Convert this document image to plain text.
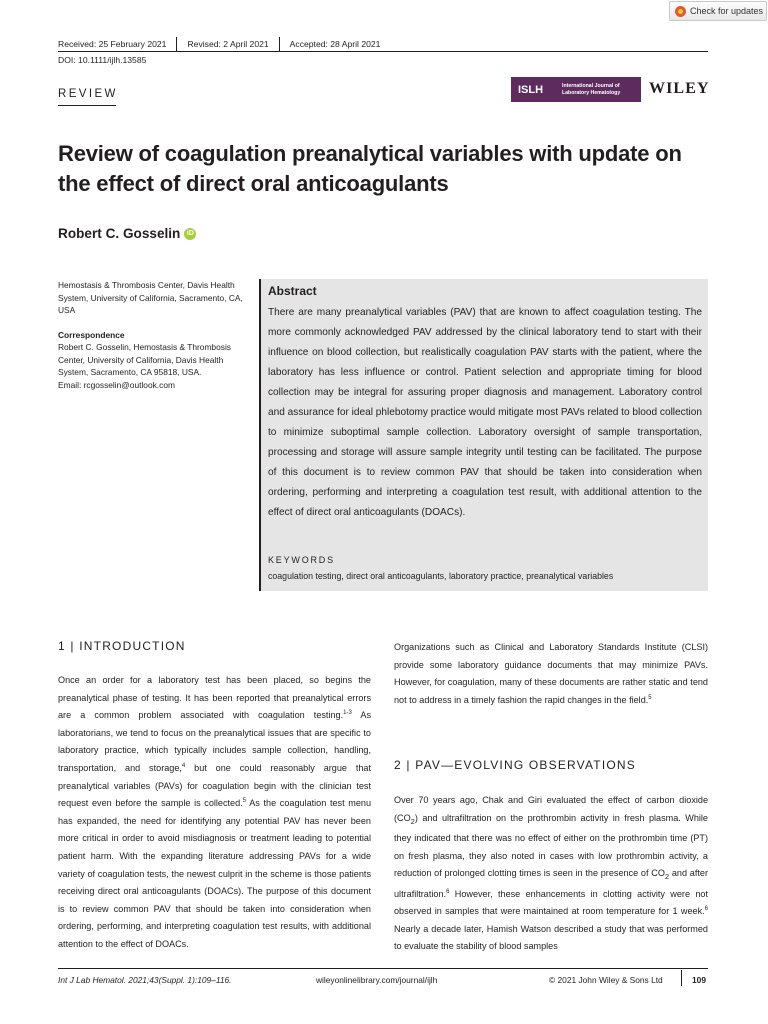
Check for updates
Received: 25 February 2021	Revised: 2 April 2021	Accepted: 28 April 2021
DOI: 10.1111/ijlh.13585
REVIEW	ISLH	International Journal of
Laboratory Hematology WILEY
Review of coagulation preanalytical variables with update on the effect of direct oral anticoagulants
Robert C. Gosselin iD

Hemostasis & Thrombosis Center, Davis Health System, University of California, Sacramento, CA, USA

Correspondence
Robert C. Gosselin, Hemostasis & Thrombosis Center, University of California, Davis Health System, Sacramento, CA 95818, USA.
Email: rcgosselin@outlook.com
Abstract
There are many preanalytical variables (PAV) that are known to affect coagulation testing. The more commonly acknowledged PAV addressed by the clinical laboratory tend to start with their influence on blood collection, but realistically coagulation PAV starts with the patient, where the laboratory has less influence or control. Patient selection and appropriate timing for blood collection may be integral for assuring proper diagnosis and management. Laboratory control and assurance for ideal phlebotomy practice would mitigate most PAVs related to blood collection to minimize suboptimal sample collection. Laboratory oversight of sample transportation, processing and storage will assure sample integrity until testing can be facilitated. The purpose of this document is to review common PAV that should be taken into consideration when ordering, performing and interpreting a coagulation test result, with additional attention to the effect of direct oral anticoagulants (DOACs).
KEYWORDS
coagulation testing, direct oral anticoagulants, laboratory practice, preanalytical variables
1 | INTRODUCTION
Once an order for a laboratory test has been placed, so begins the preanalytical phase of testing. It has been reported that preanalytical errors are a common problem associated with coagulation testing.$^{1-3}$ As laboratorians, we tend to focus on the preanalytical issues that are specific to laboratory practice, which typically includes sample collection, handling, transportation, and storage,$^4$ but one could reasonably argue that preanalytical variables (PAVs) for coagulation begin with the clinician test request even before the sample is collected.$^5$ As the coagulation test menu has expanded, the need for identifying any potential PAV has never been more critical in order to avoid misdiagnosis or treatment leading to potential patient harm. With the expanding literature addressing PAVs for a wide variety of coagulation tests, the newest culprit in the scheme is those patients receiving direct oral anticoagulants (DOACs). The purpose of this document is to review common PAV that should be taken into consideration when ordering, performing, and interpreting coagulation test results, with additional attention to the effect of DOACs.
Organizations such as Clinical and Laboratory Standards Institute (CLSI) provide some laboratory guidance documents that may minimize PAVs. However, for coagulation, many of these documents are rather static and tend not to address in a timely fashion the rapid changes in the field.$^5$
2 | PAV—EVOLVING OBSERVATIONS
Over 70 years ago, Chak and Giri evaluated the effect of carbon dioxide $(CO_2)$ and ultrafiltration on the prothrombin activity in fresh plasma. While they indicated that there was no effect of either on the prothrombin time (PT) on fresh plasma, they also noted in cases with low prothrombin activity, a reduction of prolonged clotting times is seen in the presence of $CO_2$ and after ultrafiltration.$^6$ However, these enhancements in clotting activity were not observed in samples that were maintained at room temperature for 1 week.$^6$ Nearly a decade later, Hamish Watson described a study that was performed to evaluate the stability of blood samples
Int J Lab Hematol. 2021;43(Suppl. 1):109–116.	wileyonlinelibrary.com/journal/ijlh	© 2021 John Wiley & Sons Ltd	109
